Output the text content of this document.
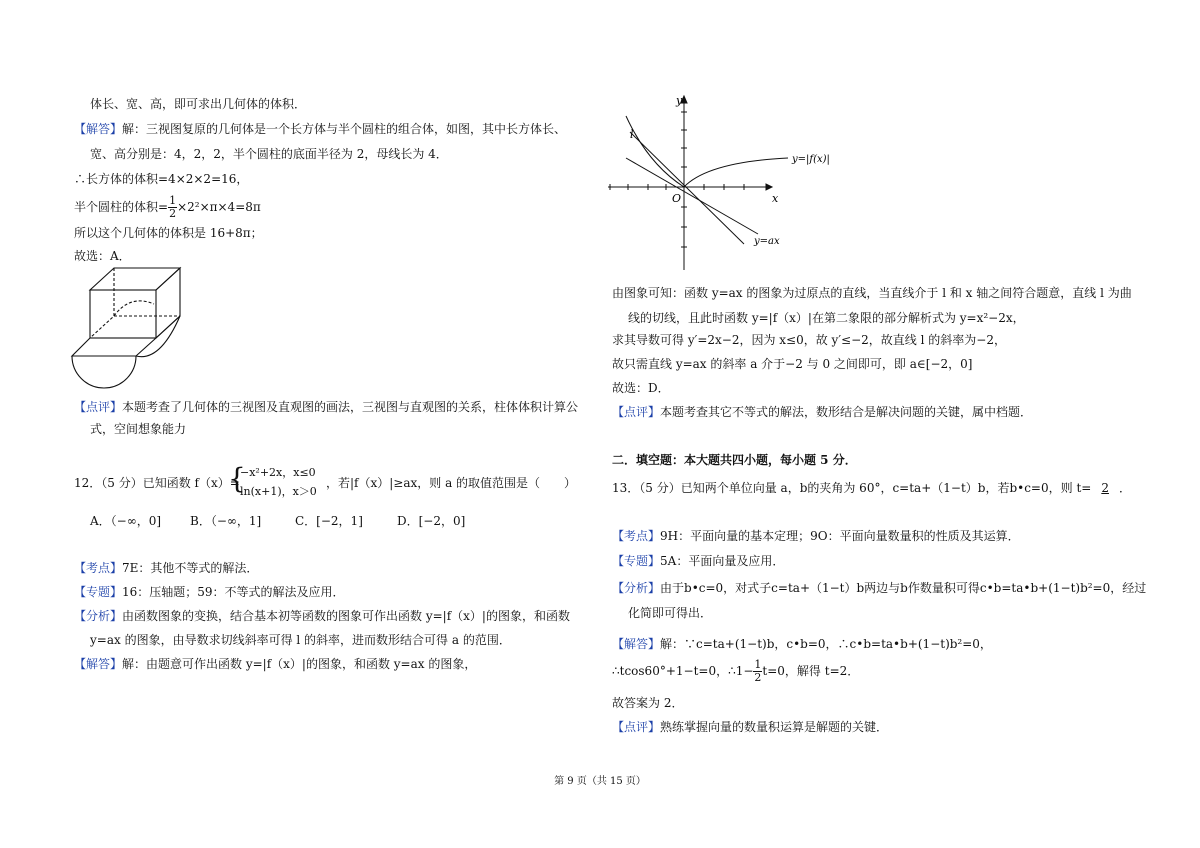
体长、宽、高，即可求出几何体的体积．
【解答】解：三视图复原的几何体是一个长方体与半个圆柱的组合体，如图，其中长方体长、
宽、高分别是：4，2，2，半个圆柱的底面半径为 2，母线长为 4．
∴长方体的体积=4×2×2=16，
半个圆柱的体积= $\frac{1}{2} \times 2^2\times\pi\times 4=8\pi$
所以这个几何体的体积是 16+8π；
故选：A．
【点评】本题考查了几何体的三视图及直观图的画法，三视图与直观图的关系，柱体体积计算公
式，空间想象能力
12．（5 分）已知函数 f（x）=
{
−x²+2x，x≤0
ln(x+1)，x＞0
，若|f（x）|≥ax，则 a 的取值范围是（　　）
A．（−∞，0] B．（−∞，1]	C．[−2，1]	D．[−2，0]
【考点】7E：其他不等式的解法．
【专题】16：压轴题；59：不等式的解法及应用．
【分析】由函数图象的变换，结合基本初等函数的图象可作出函数 y=|f（x）|的图象，和函数
y=ax 的图象，由导数求切线斜率可得 l 的斜率，进而数形结合可得 a 的范围．
【解答】解：由题意可作出函数 y=|f（x）|的图象，和函数 y=ax 的图象，
y
x
O
l
y=|f(x)|
y=ax
由图象可知：函数 y=ax 的图象为过原点的直线，当直线介于 l 和 x 轴之间符合题意，直线 l 为曲
线的切线，且此时函数 y=|f（x）|在第二象限的部分解析式为 y=x²−2x，
求其导数可得 y′=2x−2，因为 x≤0，故 y′≤−2，故直线 l 的斜率为−2，
故只需直线 y=ax 的斜率 a 介于−2 与 0 之间即可，即 a∈[−2，0]
故选：D．
【点评】本题考查其它不等式的解法，数形结合是解决问题的关键，属中档题．
二．填空题：本大题共四小题，每小题 5 分．
13．（5 分）已知两个单位向量 a，b的夹角为 60°，c=ta+（1−t）b，若b•c=0，则 t= 2 ．
【考点】9H：平面向量的基本定理；9O：平面向量数量积的性质及其运算．
【专题】5A：平面向量及应用．
【分析】由于b•c=0，对式子c=ta+（1−t）b两边与b作数量积可得c•b=ta•b+(1−t)b²=0，经过
化简即可得出．
【解答】解：∵c=ta+(1−t)b，c•b=0，∴c•b=ta•b+(1−t)b²=0，
∴tcos60°+1−t=0，∴1− $\frac{1}{2} t=0$，解得 t=2．
故答案为 2．
【点评】熟练掌握向量的数量积运算是解题的关键．
第 9 页（共 15 页）
